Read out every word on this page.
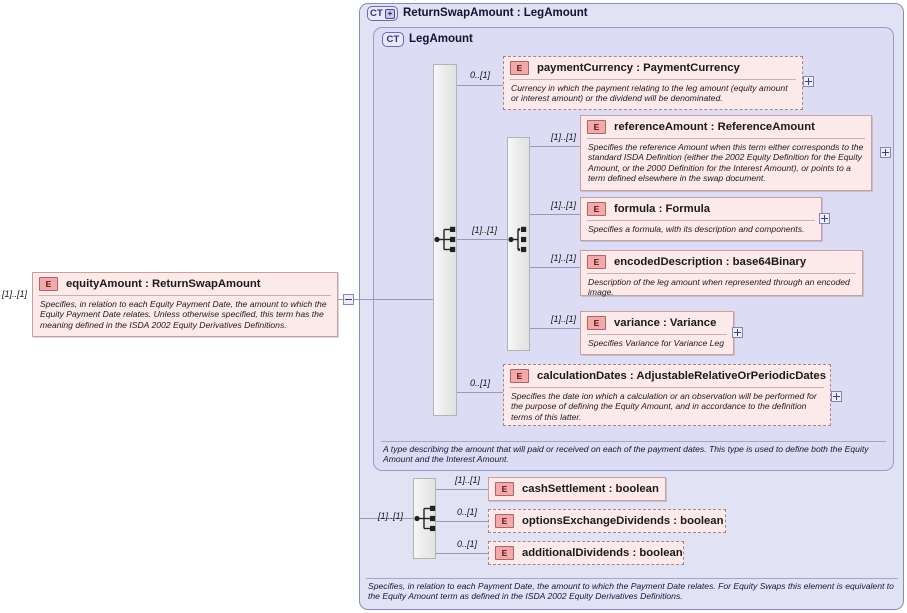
CT + ReturnSwapAmount : LegAmount
CT LegAmount
E	equityAmount : ReturnSwapAmount
Specifies, in relation to each Equity Payment Date, the amount to which the Equity Payment Date relates. Unless otherwise specified, this term has the meaning defined in the ISDA 2002 Equity Derivatives Definitions.
[1]..[1]
0..[1]
E	paymentCurrency : PaymentCurrency
Currency in which the payment relating to the leg amount (equity amount or interest amount) or the dividend will be denominated.
[1]..[1]
[1]..[1]
E	referenceAmount : ReferenceAmount
Specifies the reference Amount when this term either corresponds to the standard ISDA Definition (either the 2002 Equity Definition for the Equity Amount, or the 2000 Definition for the Interest Amount), or points to a term defined elsewhere in the swap document.
[1]..[1]	E	formula : Formula
Specifies a formula, with its description and components.
[1]..[1]	E	encodedDescription : base64Binary
Description of the leg amount when represented through an encoded image.
[1]..[1]	E	variance : Variance
Specifies Variance for Variance Leg
0..[1]
E	calculationDates : AdjustableRelativeOrPeriodicDates
Specifies the date ion which a calculation or an observation will be performed for the purpose of defining the Equity Amount, and in accordance to the definition terms of this latter.
A type describing the amount that will paid or received on each of the payment dates. This type is used to define both the Equity Amount and the Interest Amount.
[1]..[1]
[1]..[1]
E	cashSettlement : boolean
0..[1]
E	optionsExchangeDividends : boolean
0..[1]
E	additionalDividends : boolean
Specifies, in relation to each Payment Date, the amount to which the Payment Date relates. For Equity Swaps this element is equivalent to the Equity Amount term as defined in the ISDA 2002 Equity Derivatives Definitions.
